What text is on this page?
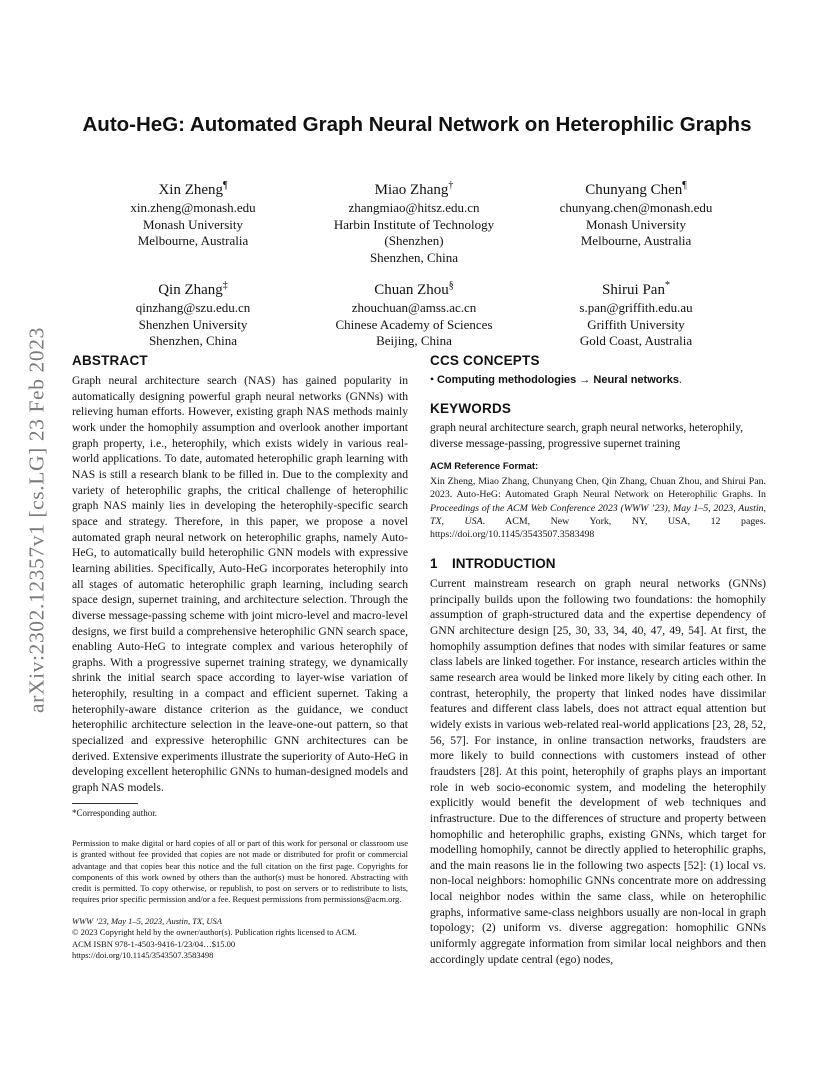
arXiv:2302.12357v1 [cs.LG] 23 Feb 2023
Auto-HeG: Automated Graph Neural Network on Heterophilic Graphs
Xin Zheng¶
xin.zheng@monash.edu
Monash University
Melbourne, Australia
Miao Zhang†
zhangmiao@hitsz.edu.cn
Harbin Institute of Technology
(Shenzhen)
Shenzhen, China
Chunyang Chen¶
chunyang.chen@monash.edu
Monash University
Melbourne, Australia
Qin Zhang‡
qinzhang@szu.edu.cn
Shenzhen University
Shenzhen, China
Chuan Zhou§
zhouchuan@amss.ac.cn
Chinese Academy of Sciences
Beijing, China
Shirui Pan*
s.pan@griffith.edu.au
Griffith University
Gold Coast, Australia
ABSTRACT
Graph neural architecture search (NAS) has gained popularity in automatically designing powerful graph neural networks (GNNs) with relieving human efforts. However, existing graph NAS methods mainly work under the homophily assumption and overlook another important graph property, i.e., heterophily, which exists widely in various real-world applications. To date, automated heterophilic graph learning with NAS is still a research blank to be filled in. Due to the complexity and variety of heterophilic graphs, the critical challenge of heterophilic graph NAS mainly lies in developing the heterophily-specific search space and strategy. Therefore, in this paper, we propose a novel automated graph neural network on heterophilic graphs, namely Auto-HeG, to automatically build heterophilic GNN models with expressive learning abilities. Specifically, Auto-HeG incorporates heterophily into all stages of automatic heterophilic graph learning, including search space design, supernet training, and architecture selection. Through the diverse message-passing scheme with joint micro-level and macro-level designs, we first build a comprehensive heterophilic GNN search space, enabling Auto-HeG to integrate complex and various heterophily of graphs. With a progressive supernet training strategy, we dynamically shrink the initial search space according to layer-wise variation of heterophily, resulting in a compact and efficient supernet. Taking a heterophily-aware distance criterion as the guidance, we conduct heterophilic architecture selection in the leave-one-out pattern, so that specialized and expressive heterophilic GNN architectures can be derived. Extensive experiments illustrate the superiority of Auto-HeG in developing excellent heterophilic GNNs to human-designed models and graph NAS models.
*Corresponding author.
Permission to make digital or hard copies of all or part of this work for personal or classroom use is granted without fee provided that copies are not made or distributed for profit or commercial advantage and that copies bear this notice and the full citation on the first page. Copyrights for components of this work owned by others than the author(s) must be honored. Abstracting with credit is permitted. To copy otherwise, or republish, to post on servers or to redistribute to lists, requires prior specific permission and/or a fee. Request permissions from permissions@acm.org.
WWW ’23, May 1–5, 2023, Austin, TX, USA
© 2023 Copyright held by the owner/author(s). Publication rights licensed to ACM.
ACM ISBN 978-1-4503-9416-1/23/04…$15.00
https://doi.org/10.1145/3543507.3583498
CCS CONCEPTS
• Computing methodologies → Neural networks.
KEYWORDS
graph neural architecture search, graph neural networks, heterophily, diverse message-passing, progressive supernet training
ACM Reference Format:
Xin Zheng, Miao Zhang, Chunyang Chen, Qin Zhang, Chuan Zhou, and Shirui Pan. 2023. Auto-HeG: Automated Graph Neural Network on Heterophilic Graphs. In Proceedings of the ACM Web Conference 2023 (WWW ’23), May 1–5, 2023, Austin, TX, USA. ACM, New York, NY, USA, 12 pages. https://doi.org/10.1145/3543507.3583498
1 INTRODUCTION
Current mainstream research on graph neural networks (GNNs) principally builds upon the following two foundations: the homophily assumption of graph-structured data and the expertise dependency of GNN architecture design [25, 30, 33, 34, 40, 47, 49, 54]. At first, the homophily assumption defines that nodes with similar features or same class labels are linked together. For instance, research articles within the same research area would be linked more likely by citing each other. In contrast, heterophily, the property that linked nodes have dissimilar features and different class labels, does not attract equal attention but widely exists in various web-related real-world applications [23, 28, 52, 56, 57]. For instance, in online transaction networks, fraudsters are more likely to build connections with customers instead of other fraudsters [28]. At this point, heterophily of graphs plays an important role in web socio-economic system, and modeling the heterophily explicitly would benefit the development of web techniques and infrastructure. Due to the differences of structure and property between homophilic and heterophilic graphs, existing GNNs, which target for modelling homophily, cannot be directly applied to heterophilic graphs, and the main reasons lie in the following two aspects [52]: (1) local vs. non-local neighbors: homophilic GNNs concentrate more on addressing local neighbor nodes within the same class, while on heterophilic graphs, informative same-class neighbors usually are non-local in graph topology; (2) uniform vs. diverse aggregation: homophilic GNNs uniformly aggregate information from similar local neighbors and then accordingly update central (ego) nodes,
